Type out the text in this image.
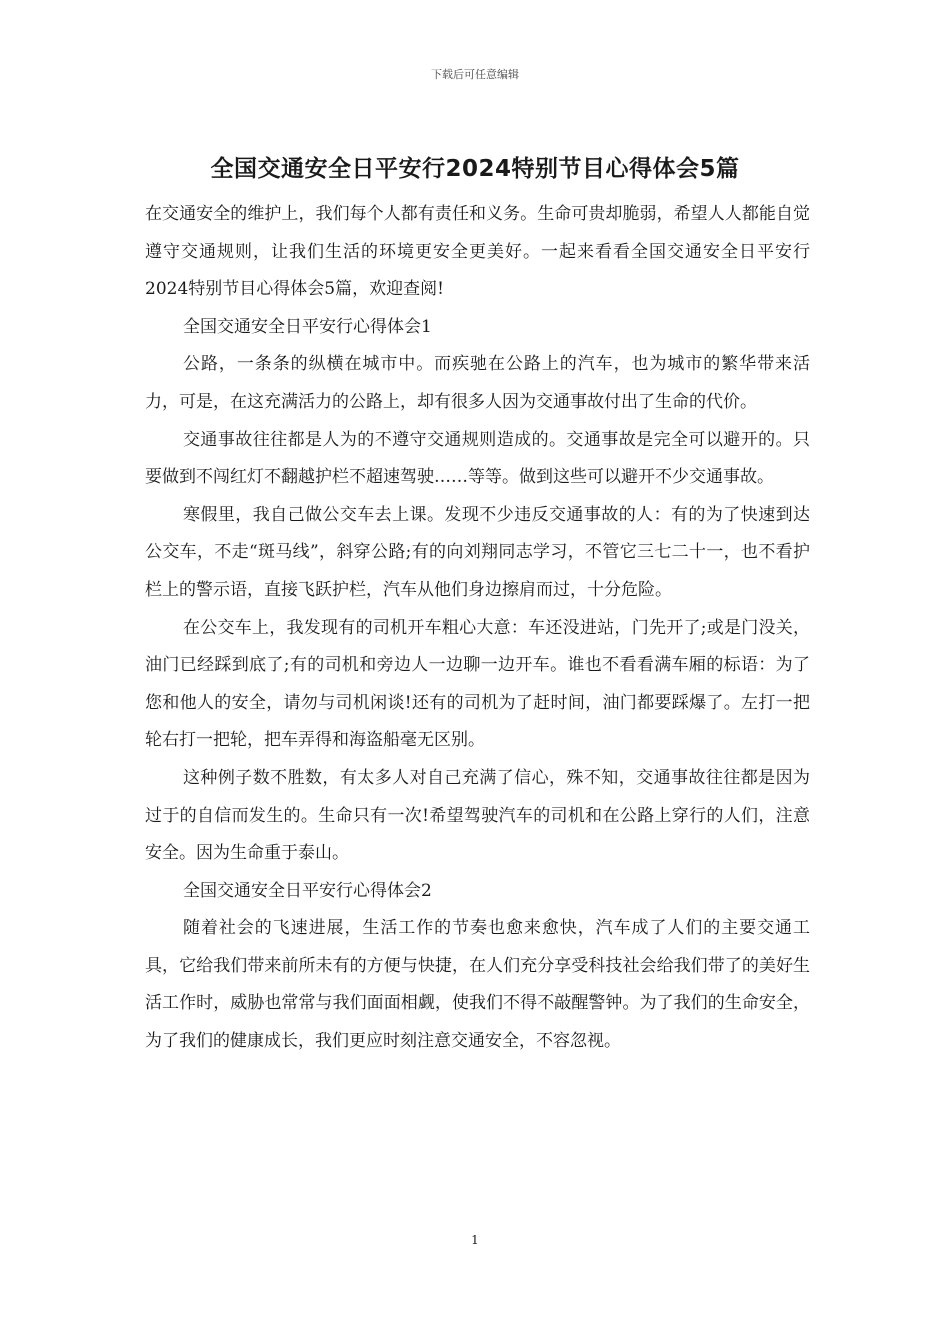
下载后可任意编辑
全国交通安全日平安行2024特别节目心得体会5篇

在交通安全的维护上，我们每个人都有责任和义务。生命可贵却脆弱，希望人人都能自觉遵守交通规则，让我们生活的环境更安全更美好。一起来看看全国交通安全日平安行2024特别节目心得体会5篇，欢迎查阅!

全国交通安全日平安行心得体会1

公路，一条条的纵横在城市中。而疾驰在公路上的汽车，也为城市的繁华带来活力，可是，在这充满活力的公路上，却有很多人因为交通事故付出了生命的代价。

交通事故往往都是人为的不遵守交通规则造成的。交通事故是完全可以避开的。只要做到不闯红灯不翻越护栏不超速驾驶……等等。做到这些可以避开不少交通事故。

寒假里，我自己做公交车去上课。发现不少违反交通事故的人：有的为了快速到达公交车，不走“斑马线”，斜穿公路;有的向刘翔同志学习，不管它三七二十一，也不看护栏上的警示语，直接飞跃护栏，汽车从他们身边擦肩而过，十分危险。

在公交车上，我发现有的司机开车粗心大意：车还没进站，门先开了;或是门没关，油门已经踩到底了;有的司机和旁边人一边聊一边开车。谁也不看看满车厢的标语：为了您和他人的安全，请勿与司机闲谈!还有的司机为了赶时间，油门都要踩爆了。左打一把轮右打一把轮，把车弄得和海盗船毫无区别。

这种例子数不胜数，有太多人对自己充满了信心，殊不知，交通事故往往都是因为过于的自信而发生的。生命只有一次!希望驾驶汽车的司机和在公路上穿行的人们，注意安全。因为生命重于泰山。

全国交通安全日平安行心得体会2

随着社会的飞速进展，生活工作的节奏也愈来愈快，汽车成了人们的主要交通工具，它给我们带来前所未有的方便与快捷，在人们充分享受科技社会给我们带了的美好生活工作时，威胁也常常与我们面面相觑，使我们不得不敲醒警钟。为了我们的生命安全，为了我们的健康成长，我们更应时刻注意交通安全，不容忽视。

1
